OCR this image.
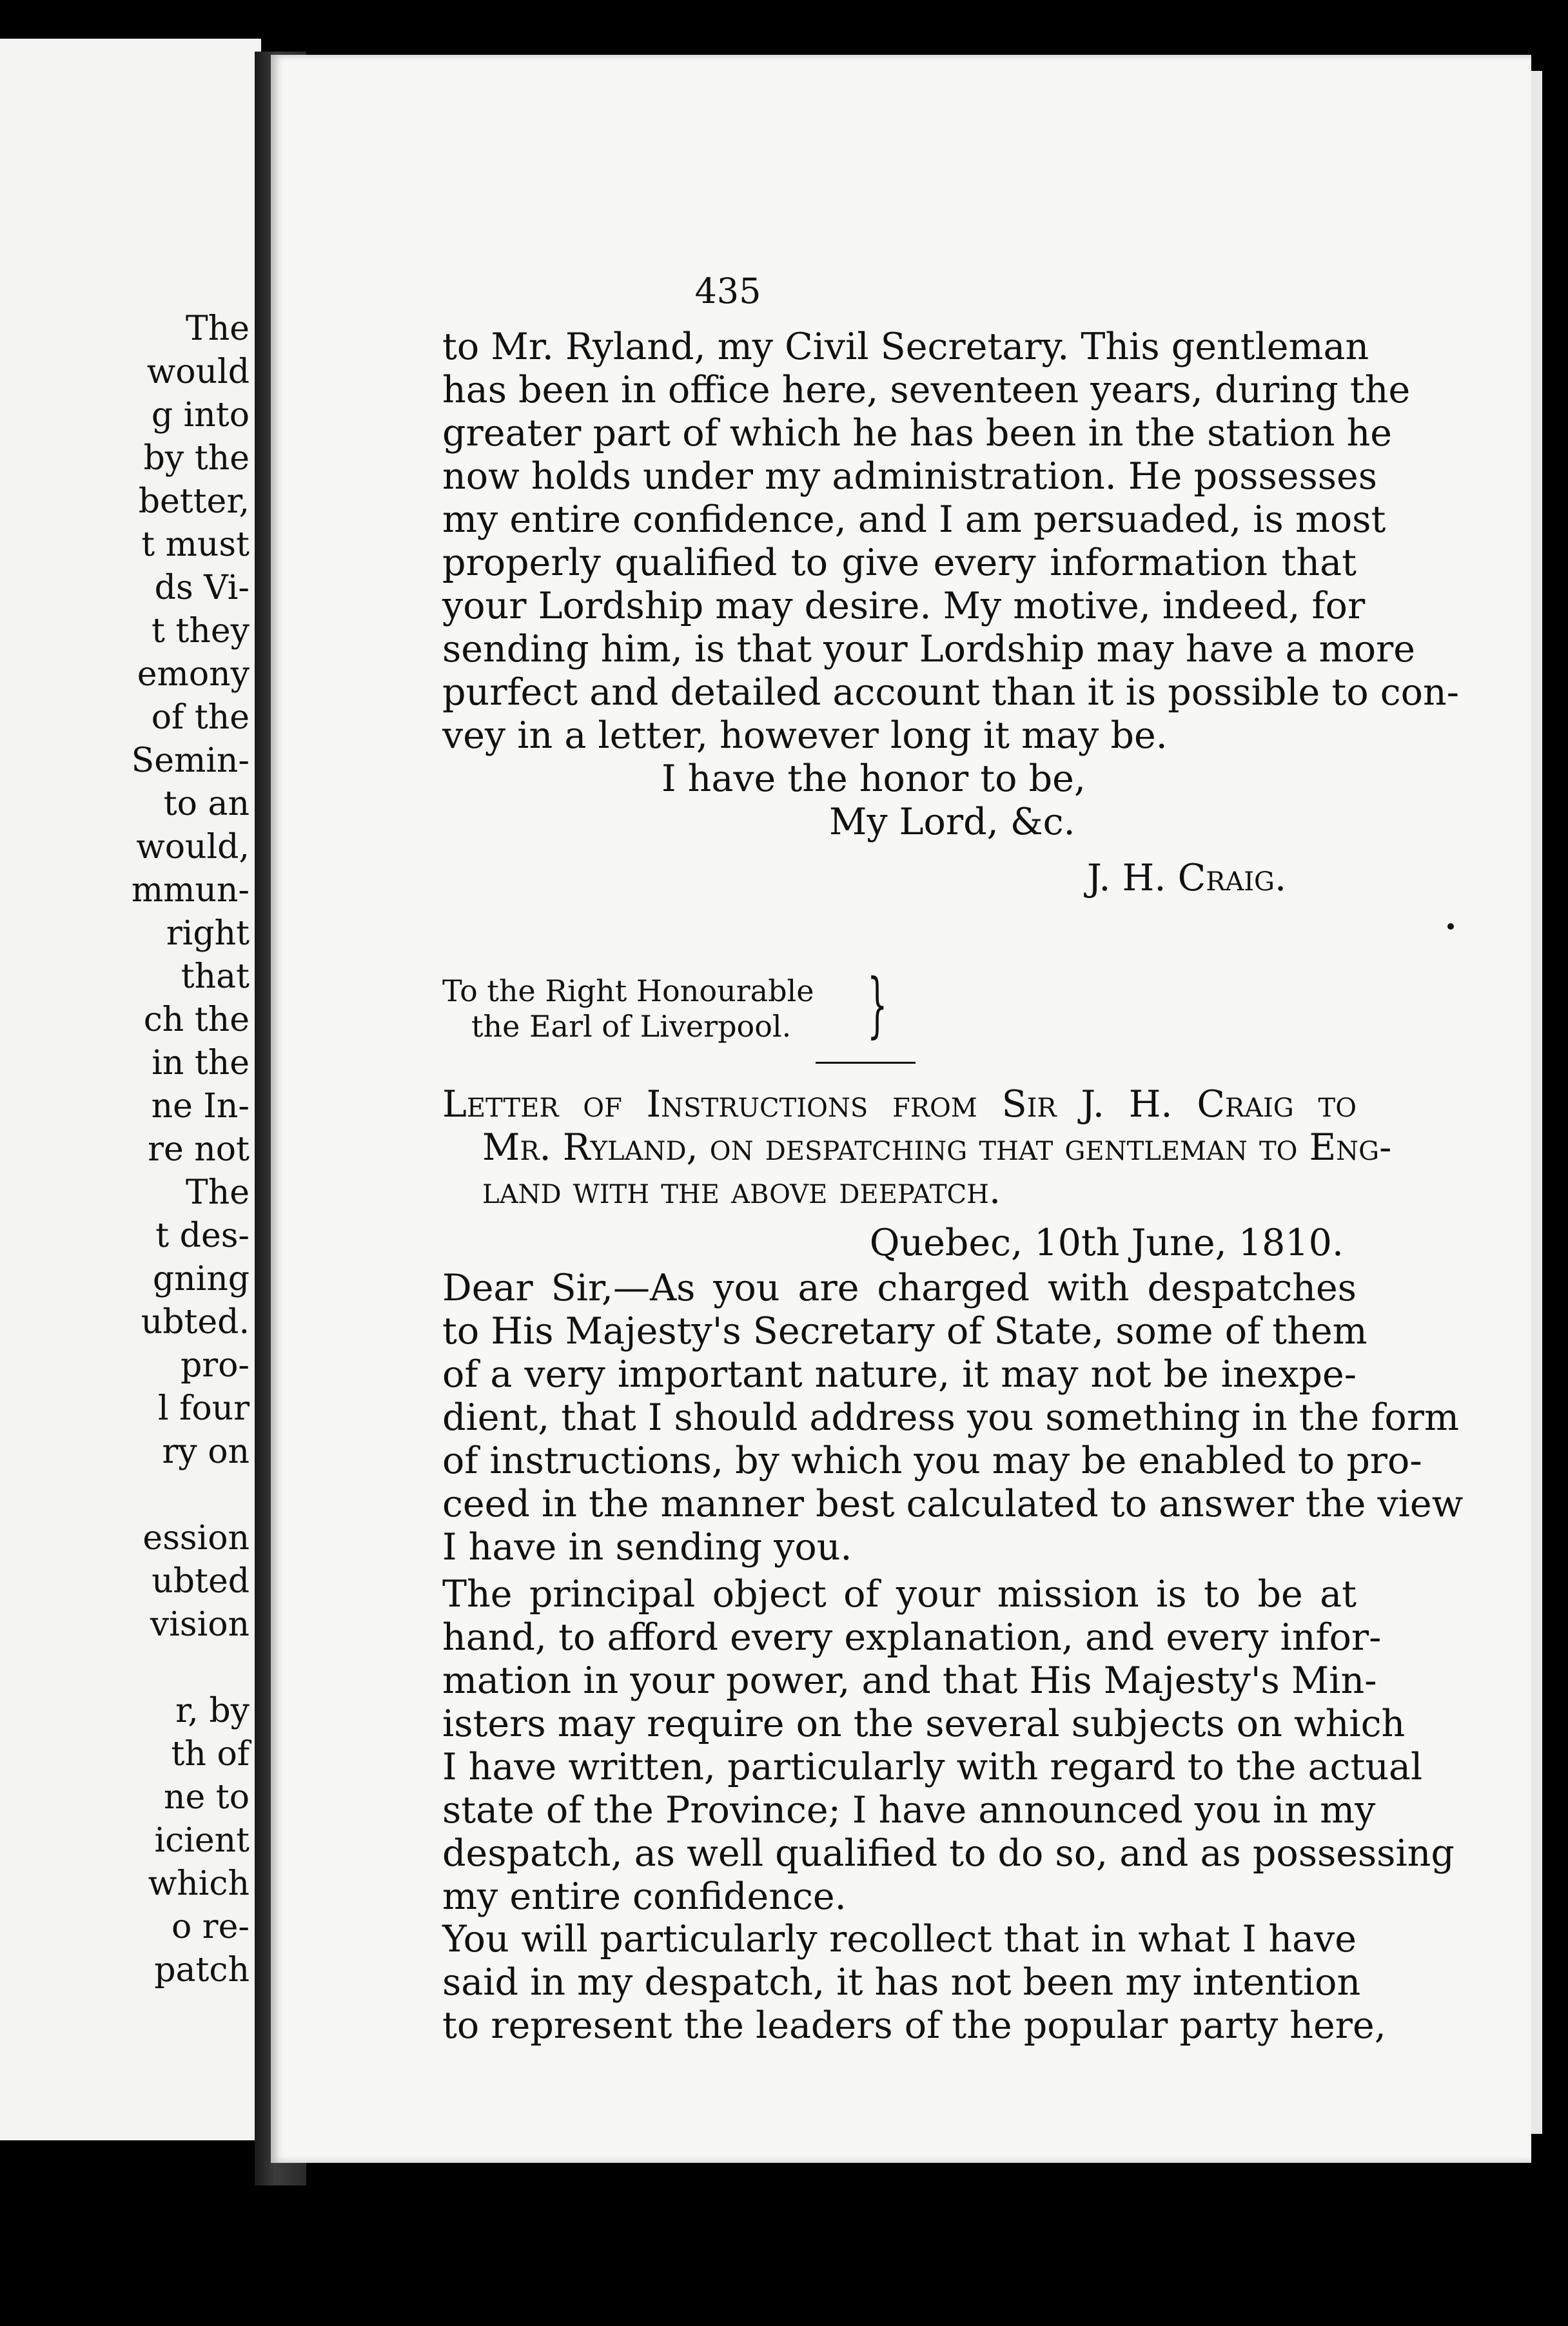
The
would
g into
by the
better,
t must
ds Vi-
t they
emony
of the
Semin-
to an
would,
mmun-
right
that
ch the
in the
ne In-
re not
The
t des-
gning
ubted.
pro-
l four
ry on
ession
ubted
vision
r, by
th of
ne to
icient
which
o re-
patch
435
to Mr. Ryland, my Civil Secretary. This gentleman
has been in office here, seventeen years, during the
greater part of which he has been in the station he
now holds under my administration. He possesses
my entire confidence, and I am persuaded, is most
properly qualified to give every information that
your Lordship may desire. My motive, indeed, for
sending him, is that your Lordship may have a more
purfect and detailed account than it is possible to con-
vey in a letter, however long it may be.
I have the honor to be,
My Lord, &c.
J. H. Craig.
To the Right Honourable
the Earl of Liverpool.	}
Letter of Instructions from Sir J. H. Craig to
Mr. Ryland, on despatching that gentleman to Eng-
land with the above deepatch.
Quebec, 10th June, 1810.
Dear Sir,—As you are charged with despatches
to His Majesty's Secretary of State, some of them
of a very important nature, it may not be inexpe-
dient, that I should address you something in the form
of instructions, by which you may be enabled to pro-
ceed in the manner best calculated to answer the view
I have in sending you.
The principal object of your mission is to be at
hand, to afford every explanation, and every infor-
mation in your power, and that His Majesty's Min-
isters may require on the several subjects on which
I have written, particularly with regard to the actual
state of the Province; I have announced you in my
despatch, as well qualified to do so, and as possessing
my entire confidence.
You will particularly recollect that in what I have
said in my despatch, it has not been my intention
to represent the leaders of the popular party here,
